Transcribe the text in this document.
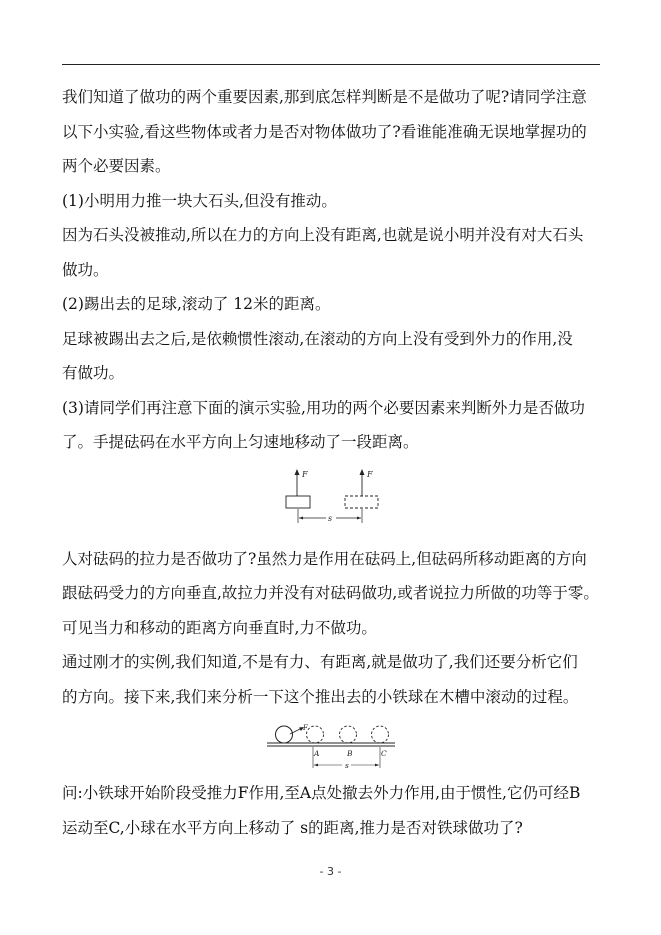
我们知道了做功的两个重要因素,那到底怎样判断是不是做功了呢?请同学注意
以下小实验,看这些物体或者力是否对物体做功了?看谁能准确无误地掌握功的
两个必要因素。
(1)小明用力推一块大石头,但没有推动。
因为石头没被推动,所以在力的方向上没有距离,也就是说小明并没有对大石头
做功。
(2)踢出去的足球,滚动了 12米的距离。
足球被踢出去之后,是依赖惯性滚动,在滚动的方向上没有受到外力的作用,没
有做功。
(3)请同学们再注意下面的演示实验,用功的两个必要因素来判断外力是否做功
了。手提砝码在水平方向上匀速地移动了一段距离。
F	F
s
人对砝码的拉力是否做功了?虽然力是作用在砝码上,但砝码所移动距离的方向
跟砝码受力的方向垂直,故拉力并没有对砝码做功,或者说拉力所做的功等于零。
可见当力和移动的距离方向垂直时,力不做功。
通过刚才的实例,我们知道,不是有力、有距离,就是做功了,我们还要分析它们
的方向。接下来,我们来分析一下这个推出去的小铁球在木槽中滚动的过程。
F
A	B	C
s
问:小铁球开始阶段受推力F作用,至A点处撤去外力作用,由于惯性,它仍可经B
运动至C,小球在水平方向上移动了 s的距离,推力是否对铁球做功了?
- 3 -
